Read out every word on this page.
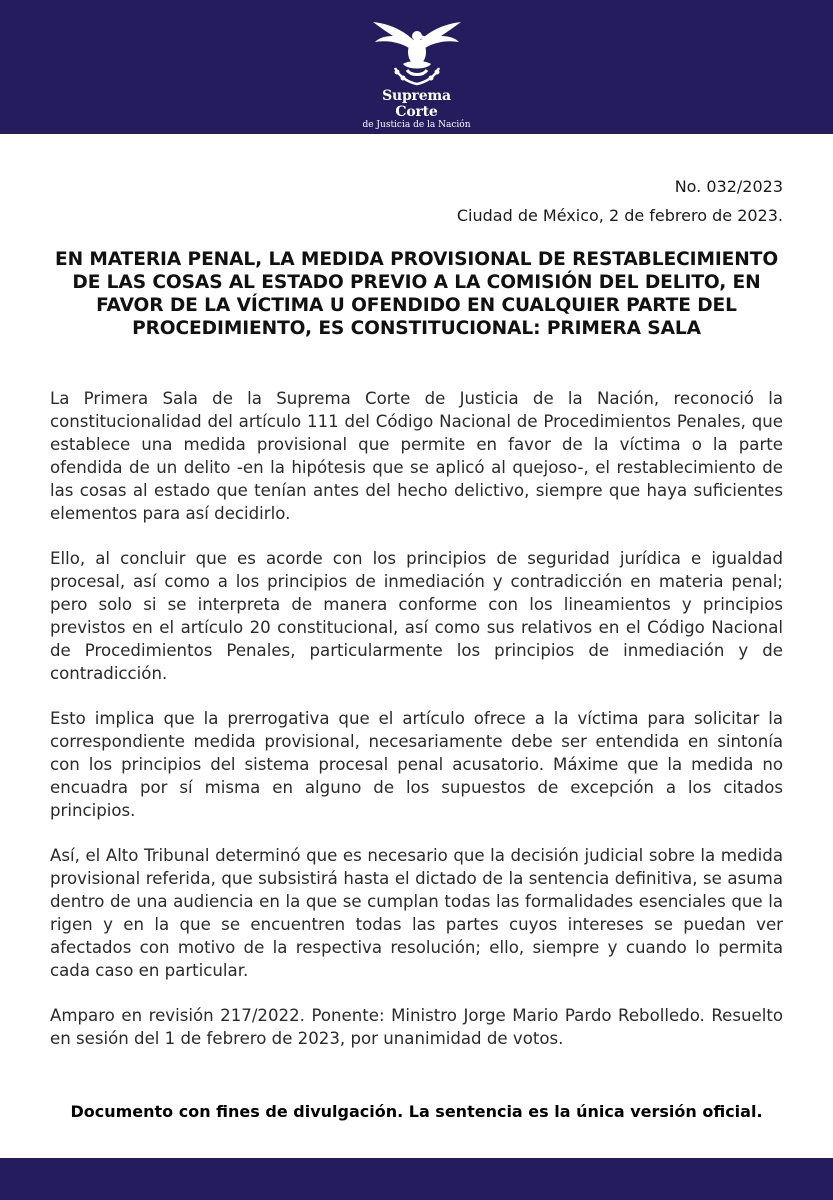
Suprema Corte
de Justicia de la Nación
No. 032/2023
Ciudad de México, 2 de febrero de 2023.
EN MATERIA PENAL, LA MEDIDA PROVISIONAL DE RESTABLECIMIENTO DE LAS COSAS AL ESTADO PREVIO A LA COMISIÓN DEL DELITO, EN FAVOR DE LA VÍCTIMA U OFENDIDO EN CUALQUIER PARTE DEL PROCEDIMIENTO, ES CONSTITUCIONAL: PRIMERA SALA

La Primera Sala de la Suprema Corte de Justicia de la Nación, reconoció la constitucionalidad del artículo 111 del Código Nacional de Procedimientos Penales, que establece una medida provisional que permite en favor de la víctima o la parte ofendida de un delito -en la hipótesis que se aplicó al quejoso-, el restablecimiento de las cosas al estado que tenían antes del hecho delictivo, siempre que haya suficientes elementos para así decidirlo.

Ello, al concluir que es acorde con los principios de seguridad jurídica e igualdad procesal, así como a los principios de inmediación y contradicción en materia penal; pero solo si se interpreta de manera conforme con los lineamientos y principios previstos en el artículo 20 constitucional, así como sus relativos en el Código Nacional de Procedimientos Penales, particularmente los principios de inmediación y de contradicción.

Esto implica que la prerrogativa que el artículo ofrece a la víctima para solicitar la correspondiente medida provisional, necesariamente debe ser entendida en sintonía con los principios del sistema procesal penal acusatorio. Máxime que la medida no encuadra por sí misma en alguno de los supuestos de excepción a los citados principios.

Así, el Alto Tribunal determinó que es necesario que la decisión judicial sobre la medida provisional referida, que subsistirá hasta el dictado de la sentencia definitiva, se asuma dentro de una audiencia en la que se cumplan todas las formalidades esenciales que la rigen y en la que se encuentren todas las partes cuyos intereses se puedan ver afectados con motivo de la respectiva resolución; ello, siempre y cuando lo permita cada caso en particular.

Amparo en revisión 217/2022. Ponente: Ministro Jorge Mario Pardo Rebolledo. Resuelto en sesión del 1 de febrero de 2023, por unanimidad de votos.

Documento con fines de divulgación. La sentencia es la única versión oficial.
